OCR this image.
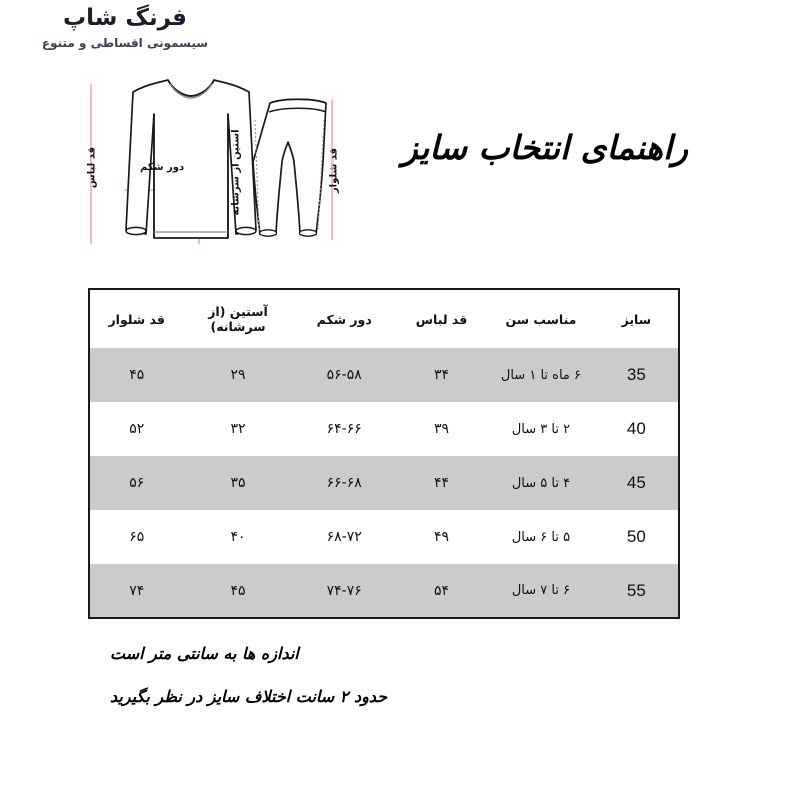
فرنگ شاپ
سیسمونی اقساطی و متنوع
راهنمای انتخاب سایز
قد لباس	آستین از سرشانه
دور شکم	قد شلوار
سایز	مناسب سن	قد لباس	دور شکم	آستین (از سرشانه)	قد شلوار
35	۶ ماه تا ۱ سال	۳۴	۵۶-۵۸	۲۹	۴۵
40	۲ تا ۳ سال	۳۹	۶۴-۶۶	۳۲	۵۲
45	۴ تا ۵ سال	۴۴	۶۶-۶۸	۳۵	۵۶
50	۵ تا ۶ سال	۴۹	۶۸-۷۲	۴۰	۶۵
55	۶ تا ۷ سال	۵۴	۷۴-۷۶	۴۵	۷۴
اندازه ها به سانتی متر است
حدود ۲ سانت اختلاف سایز در نظر بگیرید
